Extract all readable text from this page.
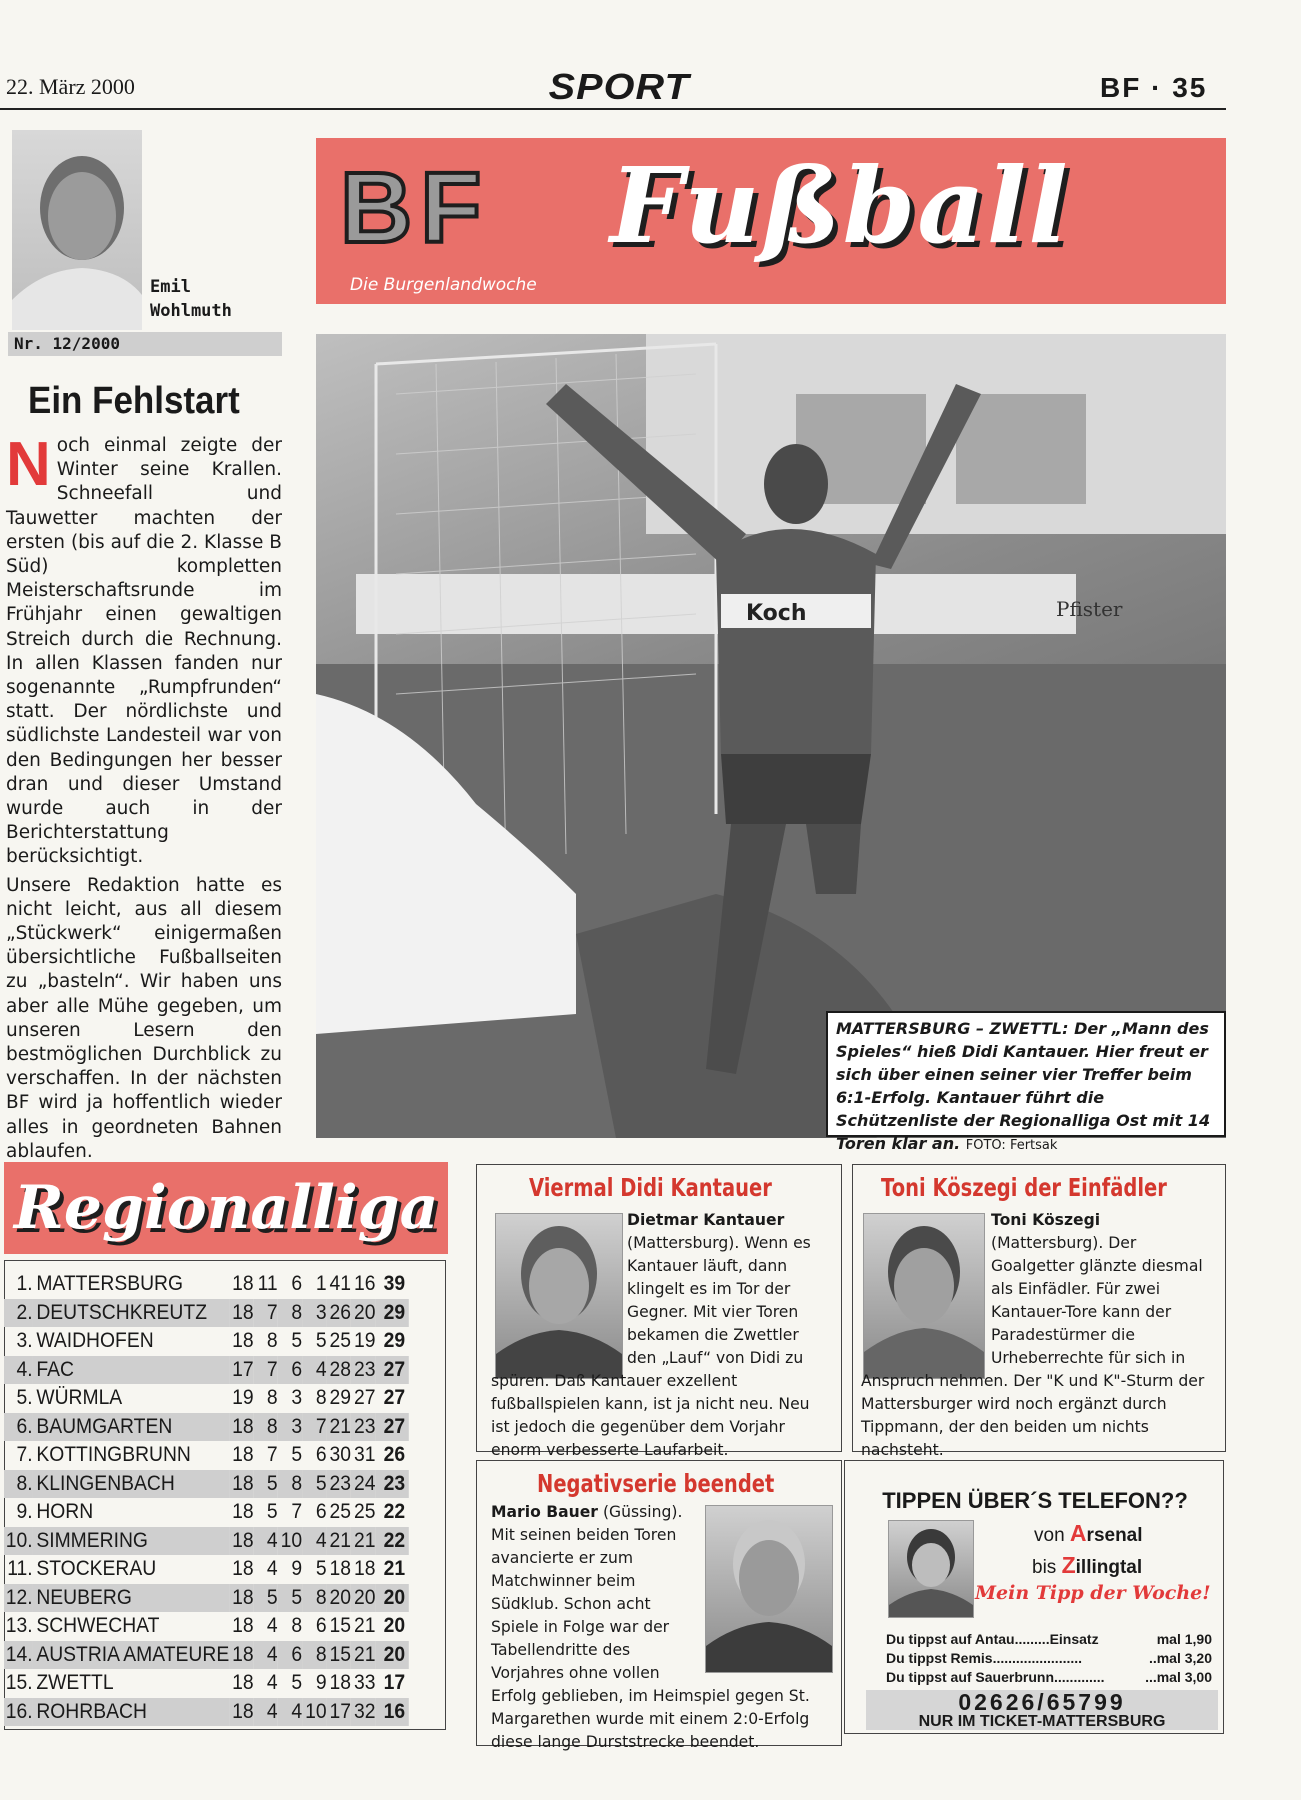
22. März 2000	SPORT	BF · 35
Emil
Wohlmuth
Nr. 12/2000
Ein Fehlstart

Noch einmal zeigte der Winter seine Krallen. Schneefall und Tauwetter machten der ersten (bis auf die 2. Klasse B Süd) kompletten Meisterschaftsrunde im Frühjahr einen gewaltigen Streich durch die Rechnung. In allen Klassen fanden nur sogenannte „Rumpfrunden“ statt. Der nördlichste und südlichste Landesteil war von den Bedingungen her besser dran und dieser Umstand wurde auch in der Berichterstattung berücksichtigt.

Unsere Redaktion hatte es nicht leicht, aus all diesem „Stückwerk“ einigermaßen übersichtliche Fußballseiten zu „basteln“. Wir haben uns aber alle Mühe gegeben, um unseren Lesern den bestmöglichen Durchblick zu verschaffen. In der nächsten BF wird ja hoffentlich wieder alles in geordneten Bahnen ablaufen.

BF
Die Burgenlandwoche
Fußball
Pfister
Koch
MATTERSBURG – ZWETTL: Der „Mann des Spieles“ hieß Didi Kantauer. Hier freut er sich über einen seiner vier Treffer beim 6:1-Erfolg. Kantauer führt die Schützenliste der Regionalliga Ost mit 14 Toren klar an. FOTO: Fertsak
Regionalliga
1.	MATTERSBURG	18	11	6	1	41	16	39
2.	DEUTSCHKREUTZ	18	7	8	3	26	20	29
3.	WAIDHOFEN	18	8	5	5	25	19	29
4.	FAC	17	7	6	4	28	23	27
5.	WÜRMLA	19	8	3	8	29	27	27
6.	BAUMGARTEN	18	8	3	7	21	23	27
7.	KOTTINGBRUNN	18	7	5	6	30	31	26
8.	KLINGENBACH	18	5	8	5	23	24	23
9.	HORN	18	5	7	6	25	25	22
10.	SIMMERING	18	4	10	4	21	21	22
11.	STOCKERAU	18	4	9	5	18	18	21
12.	NEUBERG	18	5	5	8	20	20	20
13.	SCHWECHAT	18	4	8	6	15	21	20
14.	AUSTRIA AMATEURE	18	4	6	8	15	21	20
15.	ZWETTL	18	4	5	9	18	33	17
16.	ROHRBACH	18	4	4	10	17	32	16
Viermal Didi Kantauer
Dietmar Kantauer (Mattersburg). Wenn es Kantauer läuft, dann klingelt es im Tor der Gegner. Mit vier Toren bekamen die Zwettler den „Lauf“ von Didi zu spüren. Daß Kantauer exzellent fußballspielen kann, ist ja nicht neu. Neu ist jedoch die gegenüber dem Vorjahr enorm verbesserte Laufarbeit.
Toni Köszegi der Einfädler
Toni Köszegi (Mattersburg). Der Goalgetter glänzte diesmal als Einfädler. Für zwei Kantauer-Tore kann der Paradestürmer die Urheberrechte für sich in Anspruch nehmen. Der "K und K"-Sturm der Mattersburger wird noch ergänzt durch Tippmann, der den beiden um nichts nachsteht.
Negativserie beendet
Mario Bauer (Güssing). Mit seinen beiden Toren avancierte er zum Matchwinner beim Südklub. Schon acht Spiele in Folge war der Tabellendritte des Vorjahres ohne vollen Erfolg geblieben, im Heimspiel gegen St. Margarethen wurde mit einem 2:0-Erfolg diese lange Durststrecke beendet.
TIPPEN ÜBER´S TELEFON??
von Arsenal
bis Zillingtal
Mein Tipp der Woche!
Du tippst auf Antau.........Einsatz	mal 1,90
Du tippst Remis.......................	..mal 3,20
Du tippst auf Sauerbrunn.............	...mal 3,00
02626/65799
NUR IM TICKET-MATTERSBURG
